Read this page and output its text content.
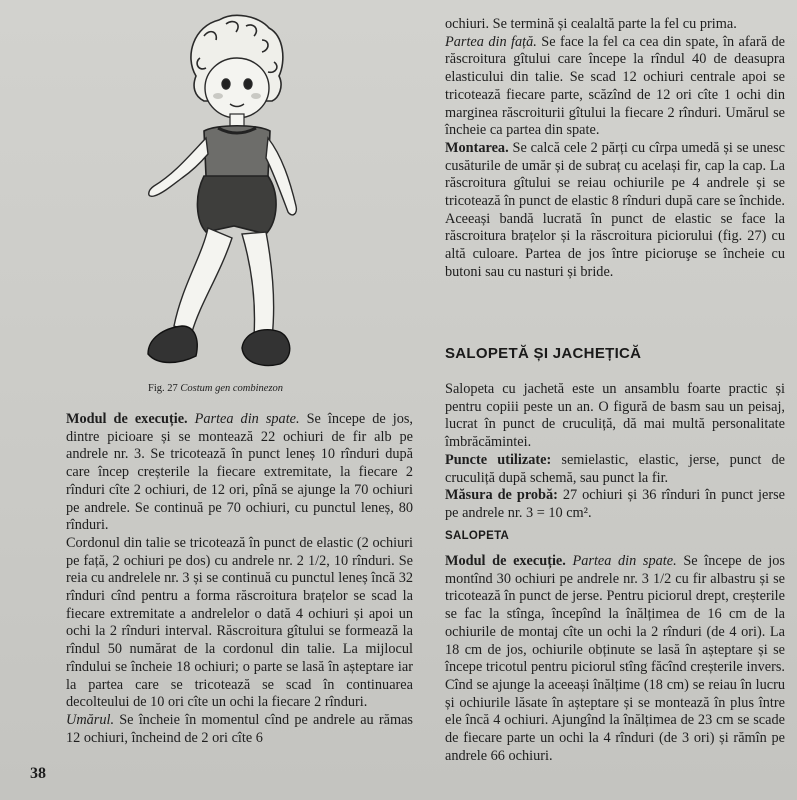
Fig. 27 Costum gen combinezon

Modul de execuție. Partea din spate. Se începe de jos, dintre picioare și se montează 22 ochiuri de fir alb pe andrele nr. 3. Se tricotează în punct leneș 10 rînduri după care încep creșterile la fiecare extremitate, la fiecare 2 rînduri cîte 2 ochiuri, de 12 ori, pînă se ajunge la 70 ochiuri pe andrele. Se continuă pe 70 ochiuri, cu punctul leneș, 80 rînduri.

Cordonul din talie se tricotează în punct de elastic (2 ochiuri pe față, 2 ochiuri pe dos) cu andrele nr. 2 1/2, 10 rînduri. Se reia cu andrelele nr. 3 și se continuă cu punctul leneș încă 32 rînduri cînd pentru a forma răscroitura brațelor se scad la fiecare extremitate a andrelelor o dată 4 ochiuri și apoi un ochi la 2 rînduri interval. Răscroitura gîtului se formează la rîndul 50 numărat de la cordonul din talie. La mijlocul rîndului se încheie 18 ochiuri; o parte se lasă în așteptare iar la partea care se tricotează se scad în continuarea decolteului de 10 ori cîte un ochi la fiecare 2 rînduri.

Umărul. Se încheie în momentul cînd pe andrele au rămas 12 ochiuri, încheind de 2 ori cîte 6

38

ochiuri. Se termină și cealaltă parte la fel cu prima.

Partea din față. Se face la fel ca cea din spate, în afară de răscroitura gîtului care începe la rîndul 40 de deasupra elasticului din talie. Se scad 12 ochiuri centrale apoi se tricotează fiecare parte, scăzînd de 12 ori cîte 1 ochi din marginea răscroiturii gîtului la fiecare 2 rînduri. Umărul se încheie ca partea din spate.

Montarea. Se calcă cele 2 părți cu cîrpa umedă și se unesc cusăturile de umăr și de subraț cu același fir, cap la cap. La răscroitura gîtului se reiau ochiurile pe 4 andrele și se tricotează în punct de elastic 8 rînduri după care se închide. Aceeași bandă lucrată în punct de elastic se face la răscroitura brațelor și la răscroitura piciorului (fig. 27) cu altă culoare. Partea de jos între picioruşe se încheie cu butoni sau cu nasturi și bride.

SALOPETĂ ȘI JACHEȚICĂ

Salopeta cu jachetă este un ansamblu foarte practic și pentru copiii peste un an. O figură de basm sau un peisaj, lucrat în punct de cruculiță, dă mai multă personalitate îmbrăcămintei.

Puncte utilizate: semielastic, elastic, jerse, punct de cruculiță după schemă, sau punct la fir.

Măsura de probă: 27 ochiuri și 36 rînduri în punct jerse pe andrele nr. 3 = 10 cm².

SALOPETA

Modul de execuție. Partea din spate. Se începe de jos montînd 30 ochiuri pe andrele nr. 3 1/2 cu fir albastru și se tricotează în punct de jerse. Pentru piciorul drept, creșterile se fac la stînga, începînd la înălțimea de 16 cm de la ochiurile de montaj cîte un ochi la 2 rînduri (de 4 ori). La 18 cm de jos, ochiurile obținute se lasă în așteptare și se începe tricotul pentru piciorul stîng făcînd creșterile invers. Cînd se ajunge la aceeași înălțime (18 cm) se reiau în lucru și ochiurile lăsate în așteptare și se montează în plus între ele încă 4 ochiuri. Ajungînd la înălțimea de 23 cm se scade de fiecare parte un ochi la 4 rînduri (de 3 ori) și rămîn pe andrele 66 ochiuri.
